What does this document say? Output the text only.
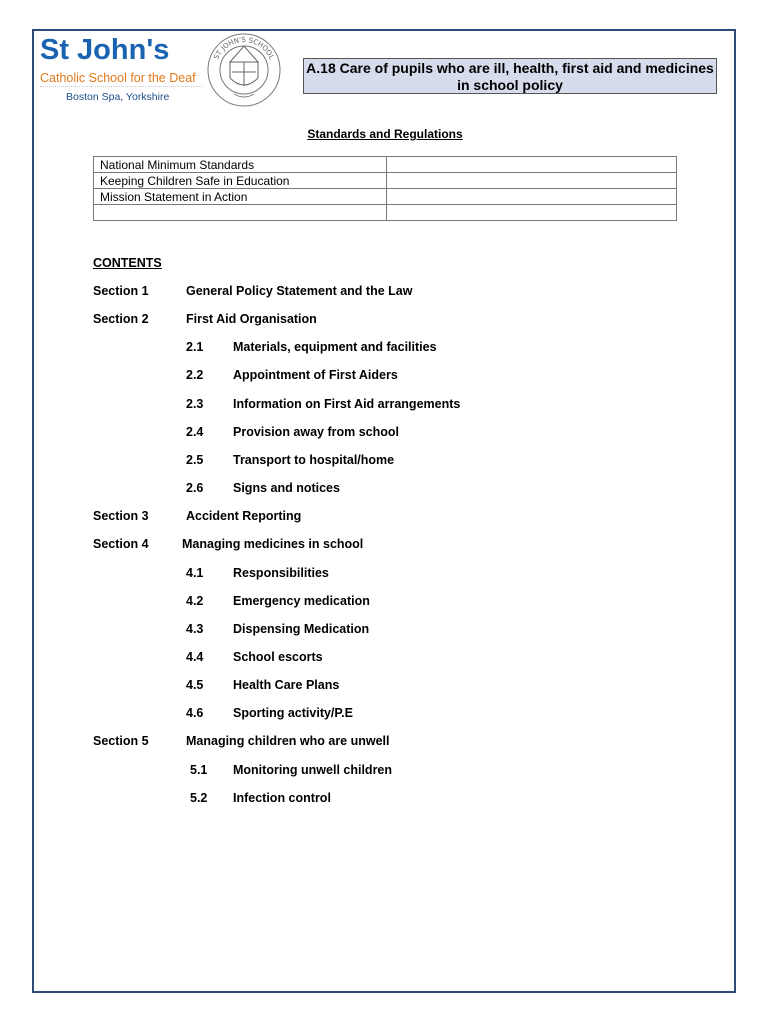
St John's
Catholic School for the Deaf
Boston Spa, Yorkshire
ST JOHN'S SCHOOL
A.18 Care of pupils who are ill, health, first aid and medicines in school policy
Standards and Regulations
National Minimum Standards	
Keeping Children Safe in Education	
Mission Statement in Action	

CONTENTS
Section 1	General Policy Statement and the Law
Section 2	First Aid Organisation
2.1 Materials, equipment and facilities
2.2 Appointment of First Aiders
2.3 Information on First Aid arrangements
2.4 Provision away from school
2.5 Transport to hospital/home
2.6 Signs and notices
Section 3	Accident Reporting
Section 4	Managing medicines in school
4.1 Responsibilities
4.2 Emergency medication
4.3 Dispensing Medication
4.4 School escorts
4.5 Health Care Plans
4.6 Sporting activity/P.E
Section 5	Managing children who are unwell
5.1 Monitoring unwell children
5.2 Infection control
